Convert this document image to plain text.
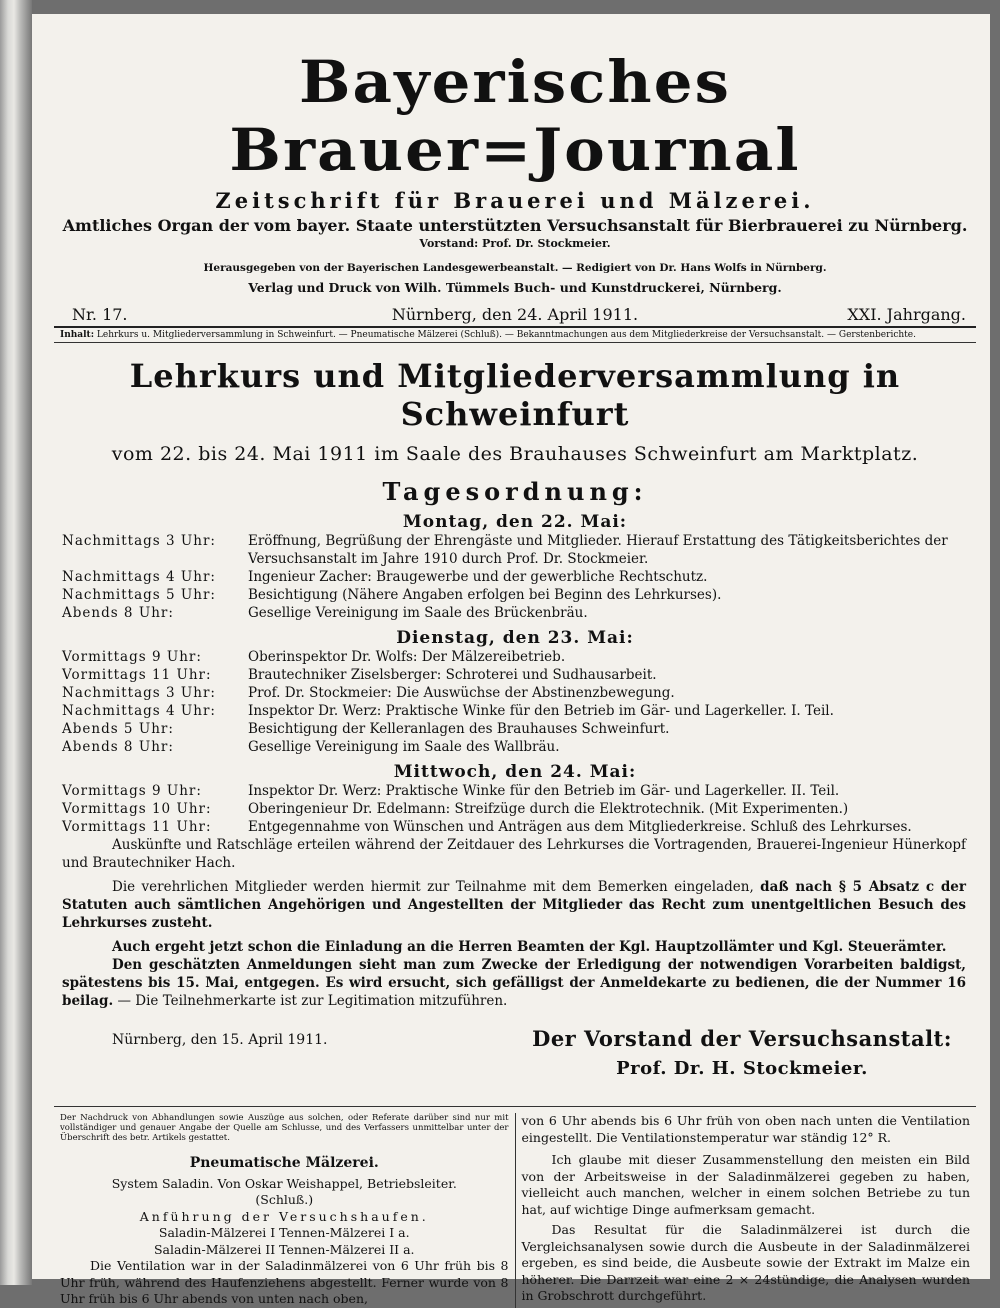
Bayerisches Brauer=Journal
Zeitschrift für Brauerei und Mälzerei.
Amtliches Organ der vom bayer. Staate unterstützten Versuchsanstalt für Bierbrauerei zu Nürnberg.
Vorstand: Prof. Dr. Stockmeier.
Herausgegeben von der Bayerischen Landesgewerbeanstalt. — Redigiert von Dr. Hans Wolfs in Nürnberg.
Verlag und Druck von Wilh. Tümmels Buch- und Kunstdruckerei, Nürnberg.
Nr. 17.	Nürnberg, den 24. April 1911.	XXI. Jahrgang.
Inhalt: Lehrkurs u. Mitgliederversammlung in Schweinfurt. — Pneumatische Mälzerei (Schluß). — Bekanntmachungen aus dem Mitgliederkreise der Versuchsanstalt. — Gerstenberichte.
Lehrkurs und Mitgliederversammlung in Schweinfurt
vom 22. bis 24. Mai 1911 im Saale des Brauhauses Schweinfurt am Marktplatz.
Tagesordnung:
Montag, den 22. Mai:
Nachmittags 3 Uhr:	Eröffnung, Begrüßung der Ehrengäste und Mitglieder. Hierauf Erstattung des Tätigkeitsberichtes der Versuchsanstalt im Jahre 1910 durch Prof. Dr. Stockmeier.
Nachmittags 4 Uhr:	Ingenieur Zacher: Braugewerbe und der gewerbliche Rechtschutz.
Nachmittags 5 Uhr:	Besichtigung (Nähere Angaben erfolgen bei Beginn des Lehrkurses).
Abends 8 Uhr:	Gesellige Vereinigung im Saale des Brückenbräu.
Dienstag, den 23. Mai:
Vormittags 9 Uhr:	Oberinspektor Dr. Wolfs: Der Mälzereibetrieb.
Vormittags 11 Uhr:	Brautechniker Ziselsberger: Schroterei und Sudhausarbeit.
Nachmittags 3 Uhr:	Prof. Dr. Stockmeier: Die Auswüchse der Abstinenzbewegung.
Nachmittags 4 Uhr:	Inspektor Dr. Werz: Praktische Winke für den Betrieb im Gär- und Lagerkeller. I. Teil.
Abends 5 Uhr:	Besichtigung der Kelleranlagen des Brauhauses Schweinfurt.
Abends 8 Uhr:	Gesellige Vereinigung im Saale des Wallbräu.
Mittwoch, den 24. Mai:
Vormittags 9 Uhr:	Inspektor Dr. Werz: Praktische Winke für den Betrieb im Gär- und Lagerkeller. II. Teil.
Vormittags 10 Uhr:	Oberingenieur Dr. Edelmann: Streifzüge durch die Elektrotechnik. (Mit Experimenten.)
Vormittags 11 Uhr:	Entgegennahme von Wünschen und Anträgen aus dem Mitgliederkreise. Schluß des Lehrkurses.

Auskünfte und Ratschläge erteilen während der Zeitdauer des Lehrkurses die Vortragenden, Brauerei-Ingenieur Hünerkopf und Brautechniker Hach.

Die verehrlichen Mitglieder werden hiermit zur Teilnahme mit dem Bemerken eingeladen, daß nach § 5 Absatz c der Statuten auch sämtlichen Angehörigen und Angestellten der Mitglieder das Recht zum unentgeltlichen Besuch des Lehrkurses zusteht.

Auch ergeht jetzt schon die Einladung an die Herren Beamten der Kgl. Hauptzollämter und Kgl. Steuerämter.

Den geschätzten Anmeldungen sieht man zum Zwecke der Erledigung der notwendigen Vorarbeiten baldigst, spätestens bis 15. Mai, entgegen. Es wird ersucht, sich gefälligst der Anmeldekarte zu bedienen, die der Nummer 16 beilag. — Die Teilnehmerkarte ist zur Legitimation mitzuführen.

Nürnberg, den 15. April 1911.	Der Vorstand der Versuchsanstalt:
Prof. Dr. H. Stockmeier.

Der Nachdruck von Abhandlungen sowie Auszüge aus solchen, oder Referate darüber sind nur mit vollständiger und genauer Angabe der Quelle am Schlusse, und des Verfassers unmittelbar unter der Überschrift des betr. Artikels gestattet.

Pneumatische Mälzerei.

System Saladin. Von Oskar Weishappel, Betriebsleiter.

(Schluß.)

Anführung der Versuchshaufen.

Saladin-Mälzerei I Tennen-Mälzerei I a.

Saladin-Mälzerei II Tennen-Mälzerei II a.

Die Ventilation war in der Saladinmälzerei von 6 Uhr früh bis 8 Uhr früh, während des Haufenziehens abgestellt. Ferner wurde von 8 Uhr früh bis 6 Uhr abends von unten nach oben,

von 6 Uhr abends bis 6 Uhr früh von oben nach unten die Ventilation eingestellt. Die Ventilationstemperatur war ständig 12° R.

Ich glaube mit dieser Zusammenstellung den meisten ein Bild von der Arbeitsweise in der Saladinmälzerei gegeben zu haben, vielleicht auch manchen, welcher in einem solchen Betriebe zu tun hat, auf wichtige Dinge aufmerksam gemacht.

Das Resultat für die Saladinmälzerei ist durch die Vergleichsanalysen sowie durch die Ausbeute in der Saladinmälzerei ergeben, es sind beide, die Ausbeute sowie der Extrakt im Malze ein höherer. Die Darrzeit war eine 2 × 24stündige, die Analysen wurden in Grobschrott durchgeführt.
